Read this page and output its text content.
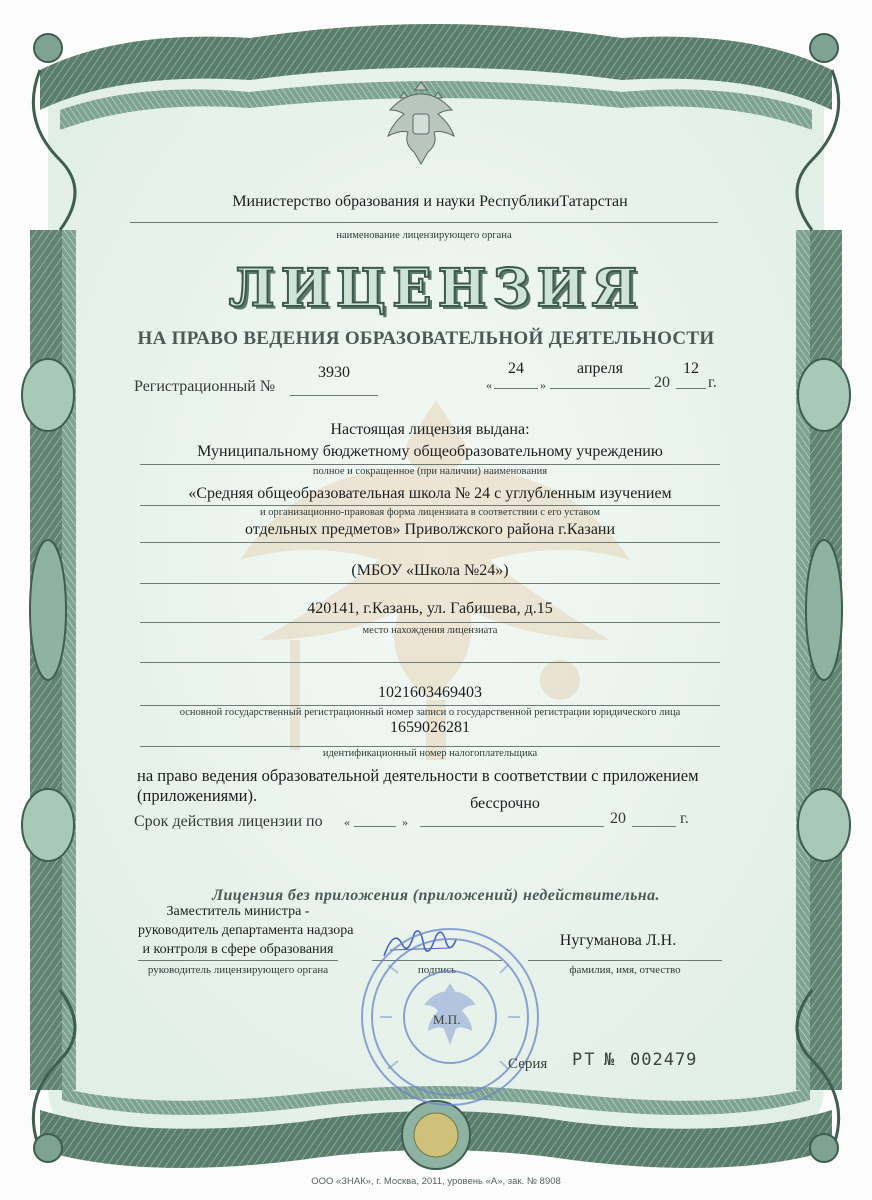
Министерство образования и науки РеспубликиТатарстан
наименование лицензирующего органа
ЛИЦЕНЗИЯ
НА ПРАВО ВЕДЕНИЯ ОБРАЗОВАТЕЛЬНОЙ ДЕЯТЕЛЬНОСТИ
Регистрационный №
3930
«
24
»
апреля
20
12
г.
Настоящая лицензия выдана:
Муниципальному бюджетному общеобразовательному учреждению
полное и сокращенное (при наличии) наименования
«Средняя общеобразовательная школа № 24 с углубленным изучением
и организационно-правовая форма лицензиата в соответствии с его уставом
отдельных предметов» Приволжского района г.Казани
(МБОУ «Школа №24»)
420141, г.Казань, ул. Габишева, д.15
место нахождения лицензиата
1021603469403
основной государственный регистрационный номер записи о государственной регистрации юридического лица
1659026281
идентификационный номер налогоплательщика
на право ведения образовательной деятельности в соответствии с приложением
(приложениями).
Срок действия лицензии по «	»
бессрочно
20	г.
Лицензия без приложения (приложений) недействительна.
Заместитель министра -
руководитель департамента надзора
и контроля в сфере образования
руководитель лицензирующего органа	подпись
Нугуманова Л.Н.
фамилия, имя, отчество
М.П.
Серия РТ № 002479
ООО «ЗНАК», г. Москва, 2011, уровень «А», зак. № 8908
